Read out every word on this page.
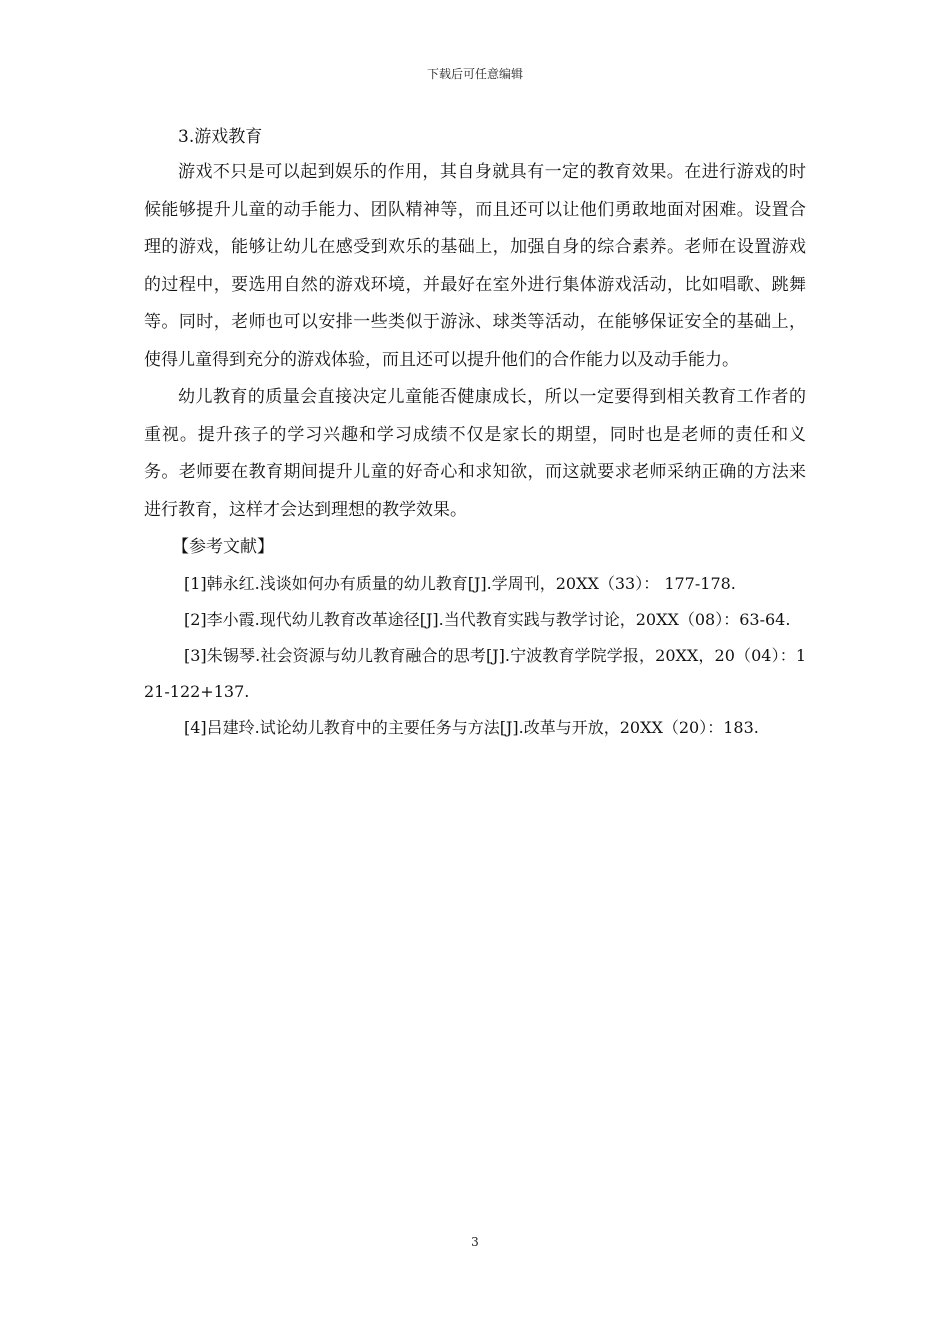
下载后可任意编辑

3.游戏教育

游戏不只是可以起到娱乐的作用，其自身就具有一定的教育效果。在进行游戏的时候能够提升儿童的动手能力、团队精神等，而且还可以让他们勇敢地面对困难。设置合理的游戏，能够让幼儿在感受到欢乐的基础上，加强自身的综合素养。老师在设置游戏的过程中，要选用自然的游戏环境，并最好在室外进行集体游戏活动，比如唱歌、跳舞等。同时，老师也可以安排一些类似于游泳、球类等活动，在能够保证安全的基础上，使得儿童得到充分的游戏体验，而且还可以提升他们的合作能力以及动手能力。

幼儿教育的质量会直接决定儿童能否健康成长，所以一定要得到相关教育工作者的重视。提升孩子的学习兴趣和学习成绩不仅是家长的期望，同时也是老师的责任和义务。老师要在教育期间提升儿童的好奇心和求知欲，而这就要求老师采纳正确的方法来进行教育，这样才会达到理想的教学效果。

【参考文献】

[1]韩永红.浅谈如何办有质量的幼儿教育[J].学周刊，20XX（33）： 177-178.

[2]李小霞.现代幼儿教育改革途径[J].当代教育实践与教学讨论，20XX（08）：63-64.

[3]朱锡琴.社会资源与幼儿教育融合的思考[J].宁波教育学院学报，20XX，20（04）：121-122+137.

[4]吕建玲.试论幼儿教育中的主要任务与方法[J].改革与开放，20XX（20）：183.

3
